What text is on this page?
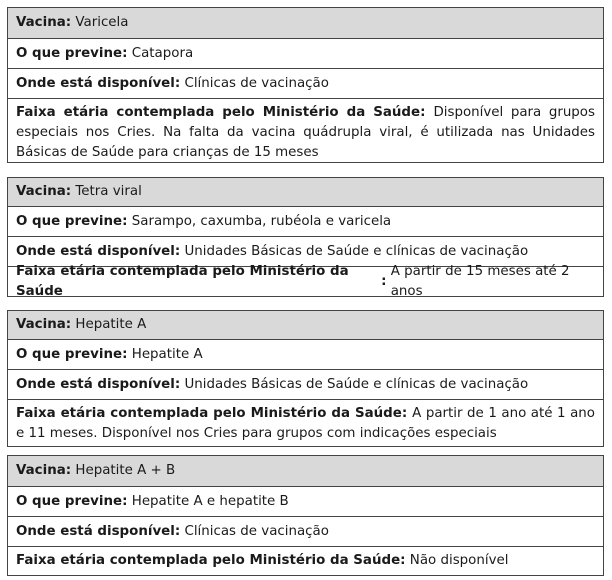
Vacina :
Varicela
O que previne :
Catapora
Onde está disponível :
Clínicas de vacinação
Faixa etária contemplada pelo Ministério da Saúde: Disponível para grupos especiais nos Cries. Na falta da vacina quádrupla viral, é utilizada nas Unidades Básicas de Saúde para crianças de 15 meses
Vacina :
Tetra viral
O que previne :
Sarampo, caxumba, rubéola e varicela
Onde está disponível :
Unidades Básicas de Saúde e clínicas de vacinação
Faixa etária contemplada pelo Ministério da Saúde
:

A partir de 15 meses até 2 anos
Vacina :
Hepatite A
O que previne :
Hepatite A
Onde está disponível :
Unidades Básicas de Saúde e clínicas de vacinação
Faixa etária contemplada pelo Ministério da Saúde: A partir de 1 ano até 1 ano e 11 meses. Disponível nos Cries para grupos com indicações especiais
Vacina :
Hepatite A + B
O que previne :
Hepatite A e hepatite B
Onde está disponível :
Clínicas de vacinação
Faixa etária contemplada pelo Ministério da Saúde :
Não disponível
